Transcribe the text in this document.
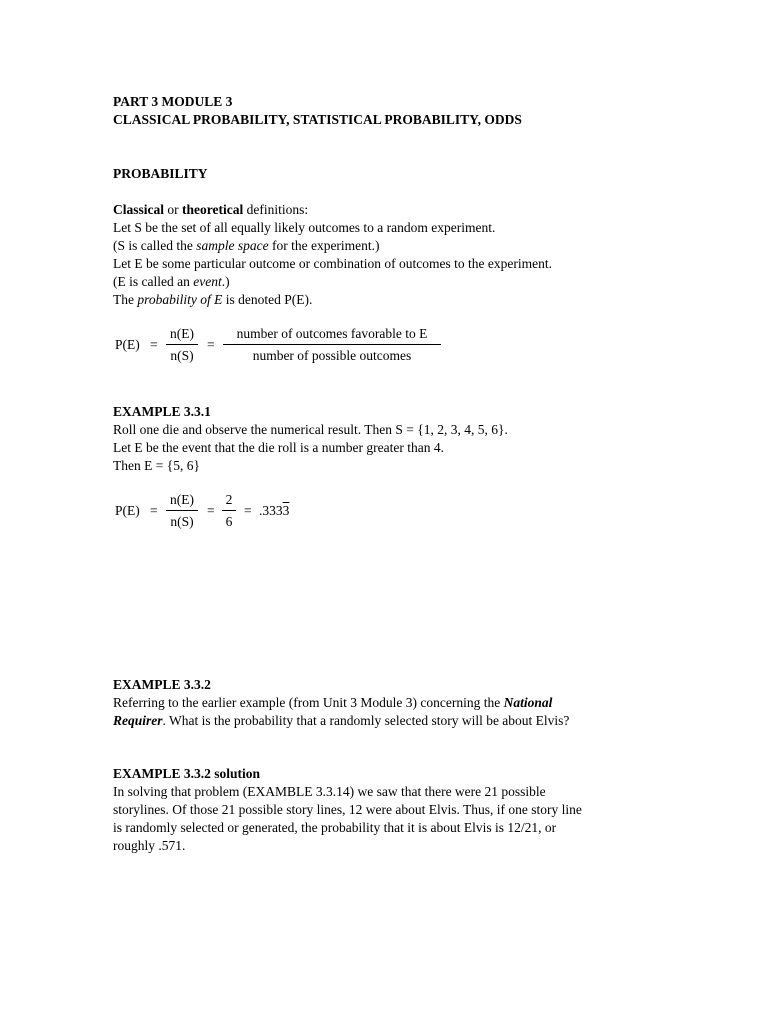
PART 3 MODULE 3
CLASSICAL PROBABILITY, STATISTICAL PROBABILITY, ODDS
PROBABILITY
Classical or theoretical definitions:
Let S be the set of all equally likely outcomes to a random experiment.
(S is called the sample space for the experiment.)
Let E be some particular outcome or combination of outcomes to the experiment.
(E is called an event.)
The probability of E is denoted P(E).
P(E) =
n(E)
n(S)
=
number of outcomes favorable to E
number of possible outcomes
EXAMPLE 3.3.1
Roll one die and observe the numerical result. Then S = {1, 2, 3, 4, 5, 6}.
Let E be the event that the die roll is a number greater than 4.
Then E = {5, 6}
P(E) =
n(E)
n(S)
=
2
6
= .3333
EXAMPLE 3.3.2
Referring to the earlier example (from Unit 3 Module 3) concerning the National
Requirer. What is the probability that a randomly selected story will be about Elvis?
EXAMPLE 3.3.2 solution
In solving that problem (EXAMBLE 3.3.14) we saw that there were 21 possible
storylines. Of those 21 possible story lines, 12 were about Elvis. Thus, if one story line
is randomly selected or generated, the probability that it is about Elvis is 12/21, or
roughly .571.
